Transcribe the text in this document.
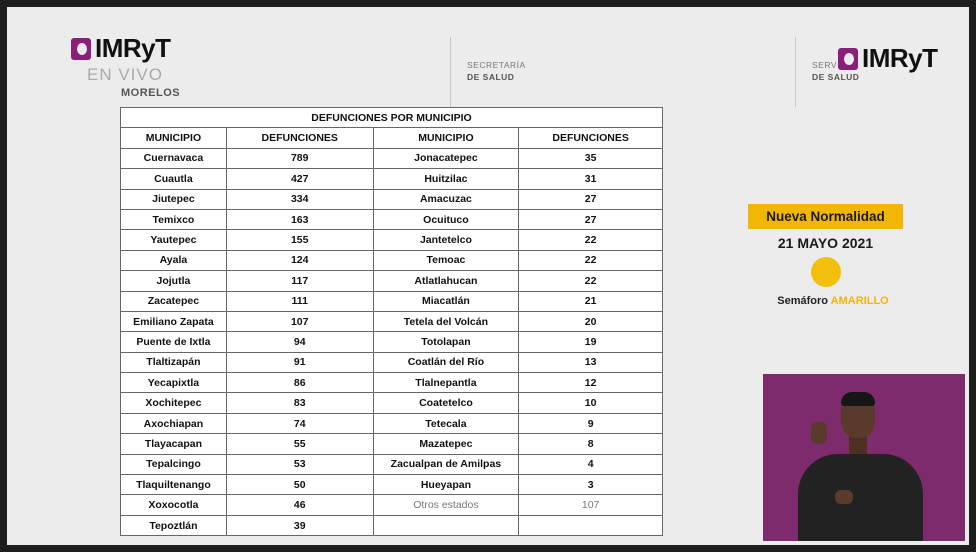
IMRyT
EN VIVO
MORELOS
SECRETARÍA
DE SALUD
SERV
DE SALUD
IMRyT
DEFUNCIONES POR MUNICIPIO			
MUNICIPIO	DEFUNCIONES	MUNICIPIO	DEFUNCIONES
Cuernavaca	789	Jonacatepec	35
Cuautla	427	Huitzilac	31
Jiutepec	334	Amacuzac	27
Temixco	163	Ocuituco	27
Yautepec	155	Jantetelco	22
Ayala	124	Temoac	22
Jojutla	117	Atlatlahucan	22
Zacatepec	111	Miacatlán	21
Emiliano Zapata	107	Tetela del Volcán	20
Puente de Ixtla	94	Totolapan	19
Tlaltizapán	91	Coatlán del Río	13
Yecapixtla	86	Tlalnepantla	12
Xochitepec	83	Coatetelco	10
Axochiapan	74	Tetecala	9
Tlayacapan	55	Mazatepec	8
Tepalcingo	53	Zacualpan de Amilpas	4
Tlaquiltenango	50	Hueyapan	3
Xoxocotla	46	Otros estados	107
Tepoztlán	39		
Nueva Normalidad
21 MAYO 2021
Semáforo AMARILLO
